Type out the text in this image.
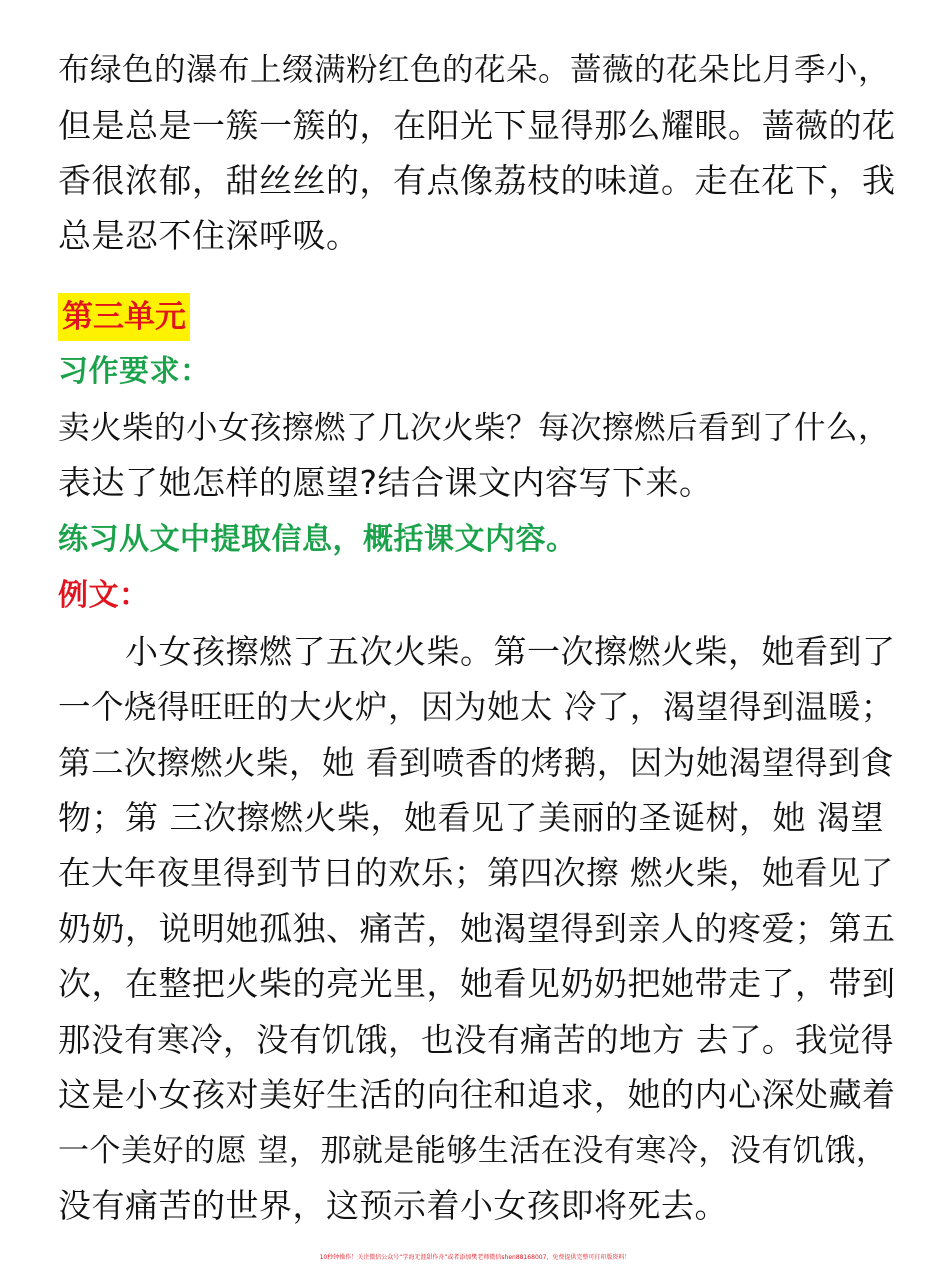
布绿色的瀑布上缀满粉红色的花朵。蔷薇的花朵比月季小，
但是总是一簇一簇的，在阳光下显得那么耀眼。蔷薇的花
香很浓郁，甜丝丝的，有点像荔枝的味道。走在花下，我
总是忍不住深呼吸。
第三单元
习作要求：
卖火柴的小女孩擦燃了几次火柴？每次擦燃后看到了什么，
表达了她怎样的愿望?结合课文内容写下来。
练习从文中提取信息，概括课文内容。
例文：
　　小女孩擦燃了五次火柴。第一次擦燃火柴，她看到了
一个烧得旺旺的大火炉，因为她太 冷了，渴望得到温暖；
第二次擦燃火柴，她 看到喷香的烤鹅，因为她渴望得到食
物；第 三次擦燃火柴，她看见了美丽的圣诞树，她 渴望
在大年夜里得到节日的欢乐；第四次擦 燃火柴，她看见了
奶奶，说明她孤独、痛苦，她渴望得到亲人的疼爱；第五
次，在整把火柴的亮光里，她看见奶奶把她带走了，带到
那没有寒冷，没有饥饿，也没有痛苦的地方 去了。我觉得
这是小女孩对美好生活的向往和追求，她的内心深处藏着
一个美好的愿 望，那就是能够生活在没有寒冷，没有饥饿，
没有痛苦的世界，这预示着小女孩即将死去。
10秒钟操作！关注微信公众号“学海无涯甜作舟”或者添加樊老师微信shen88168007，免费提供完整可打印版资料！
